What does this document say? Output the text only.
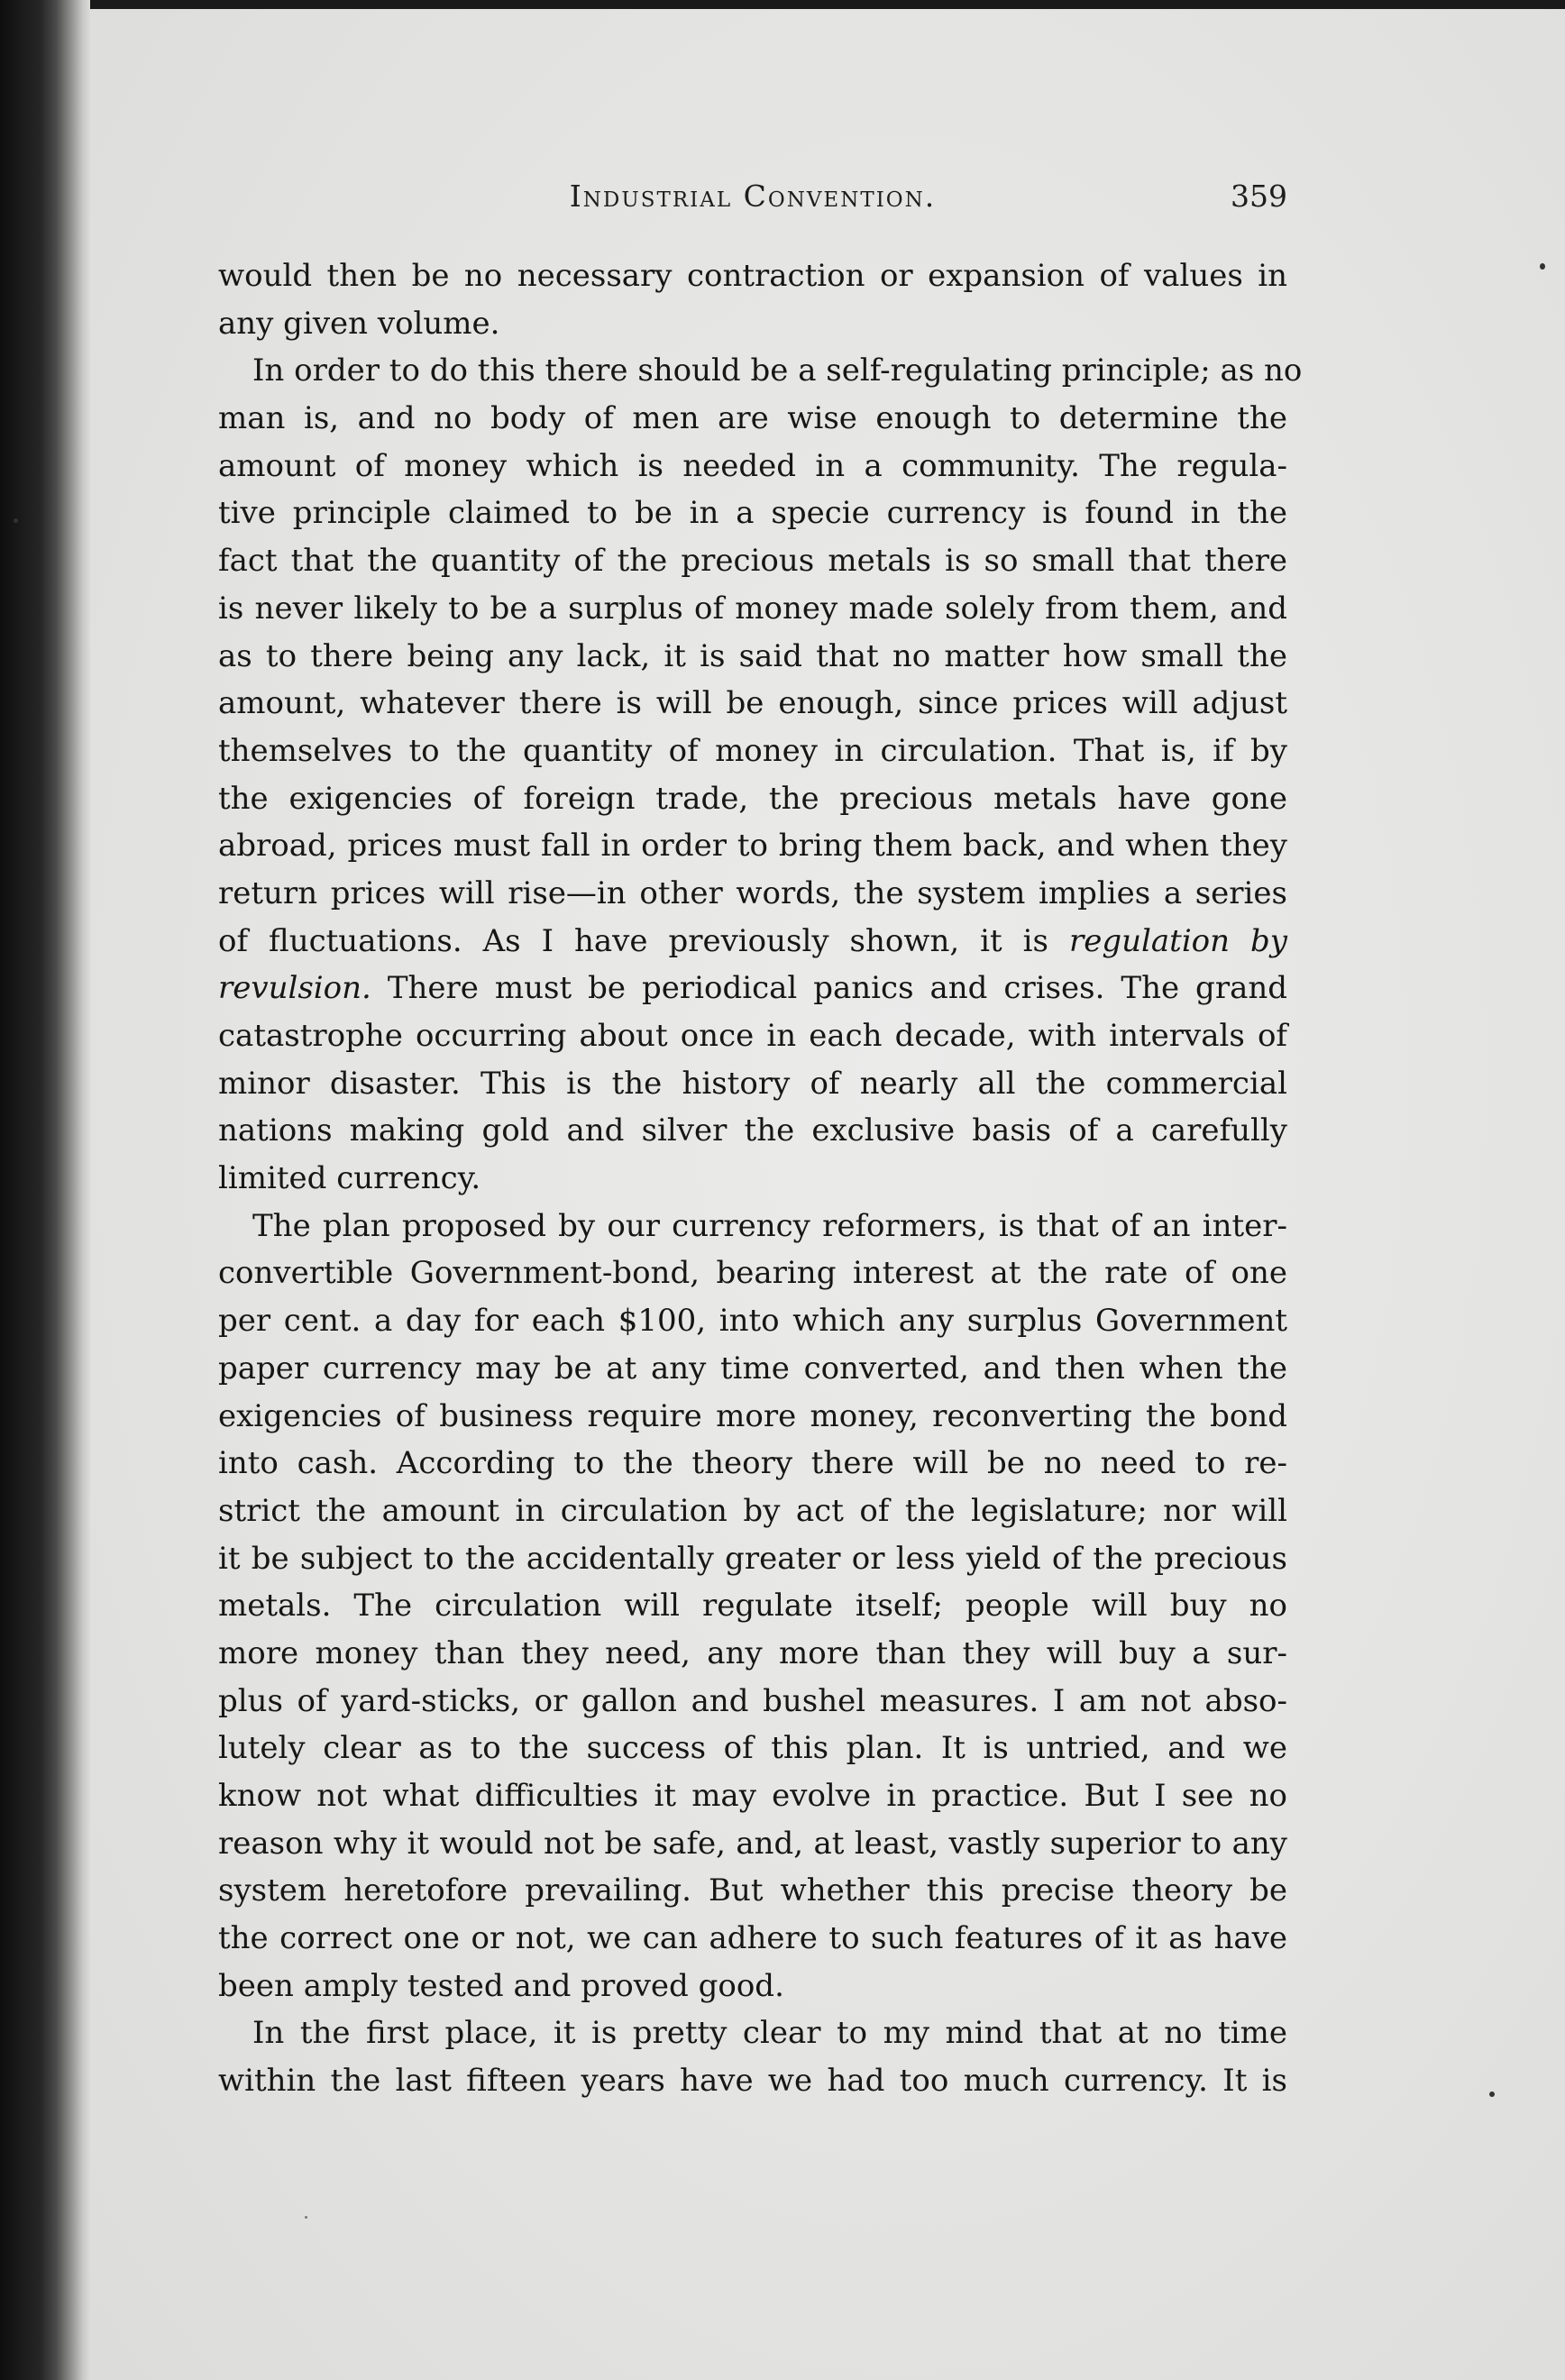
Industrial Convention.	359
would then be no necessary contraction or expansion of values in
any given volume.
In order to do this there should be a self-regulating principle; as no
man is, and no body of men are wise enough to determine the
amount of money which is needed in a community. The regula-
tive principle claimed to be in a specie currency is found in the
fact that the quantity of the precious metals is so small that there
is never likely to be a surplus of money made solely from them, and
as to there being any lack, it is said that no matter how small the
amount, whatever there is will be enough, since prices will adjust
themselves to the quantity of money in circulation. That is, if by
the exigencies of foreign trade, the precious metals have gone
abroad, prices must fall in order to bring them back, and when they
return prices will rise—in other words, the system implies a series
of fluctuations. As I have previously shown, it is regulation by
revulsion. There must be periodical panics and crises. The grand
catastrophe occurring about once in each decade, with intervals of
minor disaster. This is the history of nearly all the commercial
nations making gold and silver the exclusive basis of a carefully
limited currency.
The plan proposed by our currency reformers, is that of an inter-
convertible Government-bond, bearing interest at the rate of one
per cent. a day for each $100, into which any surplus Government
paper currency may be at any time converted, and then when the
exigencies of business require more money, reconverting the bond
into cash. According to the theory there will be no need to re-
strict the amount in circulation by act of the legislature; nor will
it be subject to the accidentally greater or less yield of the precious
metals. The circulation will regulate itself; people will buy no
more money than they need, any more than they will buy a sur-
plus of yard-sticks, or gallon and bushel measures. I am not abso-
lutely clear as to the success of this plan. It is untried, and we
know not what difficulties it may evolve in practice. But I see no
reason why it would not be safe, and, at least, vastly superior to any
system heretofore prevailing. But whether this precise theory be
the correct one or not, we can adhere to such features of it as have
been amply tested and proved good.
In the first place, it is pretty clear to my mind that at no time
within the last fifteen years have we had too much currency. It is
